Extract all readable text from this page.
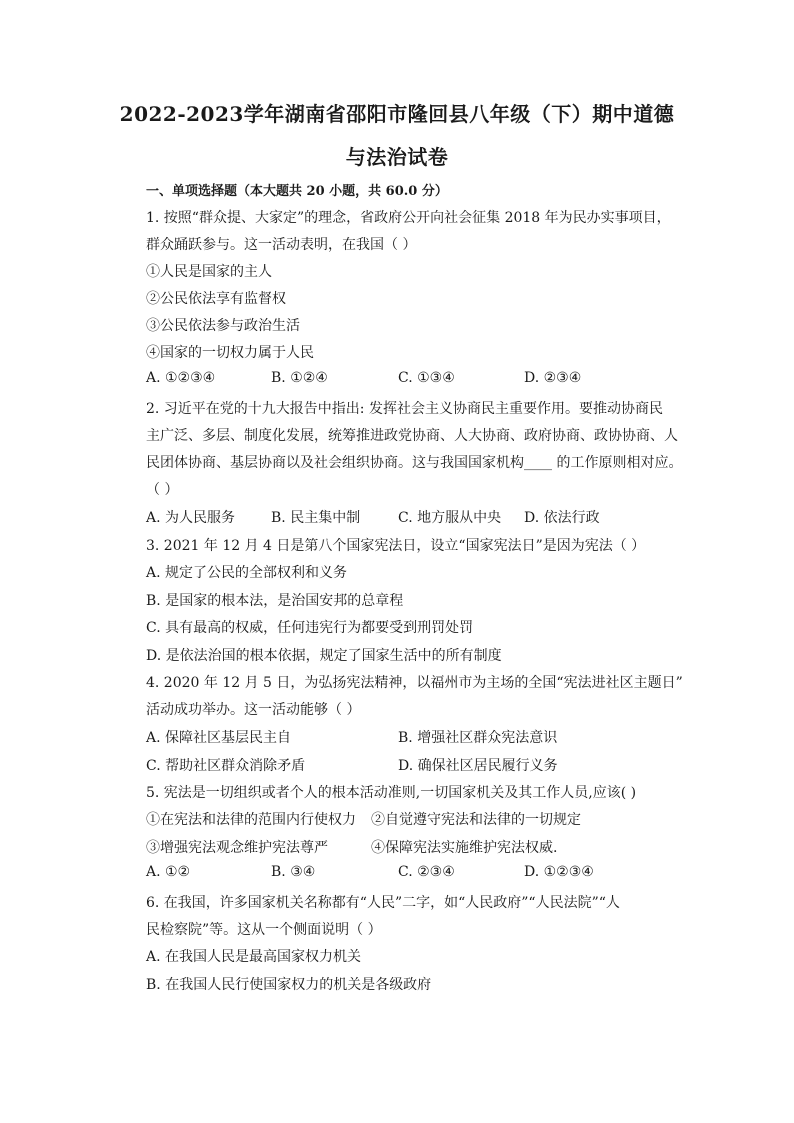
2022-2023学年湖南省邵阳市隆回县八年级（下）期中道德
与法治试卷
一、单项选择题（本大题共 20 小题，共 60.0 分）
1. 按照“群众提、大家定”的理念，省政府公开向社会征集 2018 年为民办实事项目，
群众踊跃参与。这一活动表明，在我国（ ）
①人民是国家的主人
②公民依法享有监督权
③公民依法参与政治生活
④国家的一切权力属于人民
A. ①②③④	B. ①②④	C. ①③④	D. ②③④
2. 习近平在党的十九大报告中指出: 发挥社会主义协商民主重要作用。要推动协商民
主广泛、多层、制度化发展，统筹推进政党协商、人大协商、政府协商、政协协商、人
民团体协商、基层协商以及社会组织协商。这与我国国家机构____ 的工作原则相对应。
（ ）
A. 为人民服务	B. 民主集中制	C. 地方服从中央 D. 依法行政
3. 2021 年 12 月 4 日是第八个国家宪法日，设立“国家宪法日”是因为宪法（ ）
A. 规定了公民的全部权利和义务
B. 是国家的根本法，是治国安邦的总章程
C. 具有最高的权威，任何违宪行为都要受到刑罚处罚
D. 是依法治国的根本依据，规定了国家生活中的所有制度
4. 2020 年 12 月 5 日，为弘扬宪法精神，以福州市为主场的全国“宪法进社区主题日”
活动成功举办。这一活动能够（ ）
A. 保障社区基层民主自	B. 增强社区群众宪法意识
C. 帮助社区群众消除矛盾	D. 确保社区居民履行义务
5. 宪法是一切组织或者个人的根本活动准则,一切国家机关及其工作人员,应该( )
①在宪法和法律的范围内行使权力 ②自觉遵守宪法和法律的一切规定
③增强宪法观念维护宪法尊严	④保障宪法实施维护宪法权威.
A. ①②	B. ③④	C. ②③④	D. ①②③④
6. 在我国，许多国家机关名称都有“人民”二字，如“人民政府”“人民法院”“人
民检察院”等。这从一个侧面说明（ ）
A. 在我国人民是最高国家权力机关
B. 在我国人民行使国家权力的机关是各级政府
